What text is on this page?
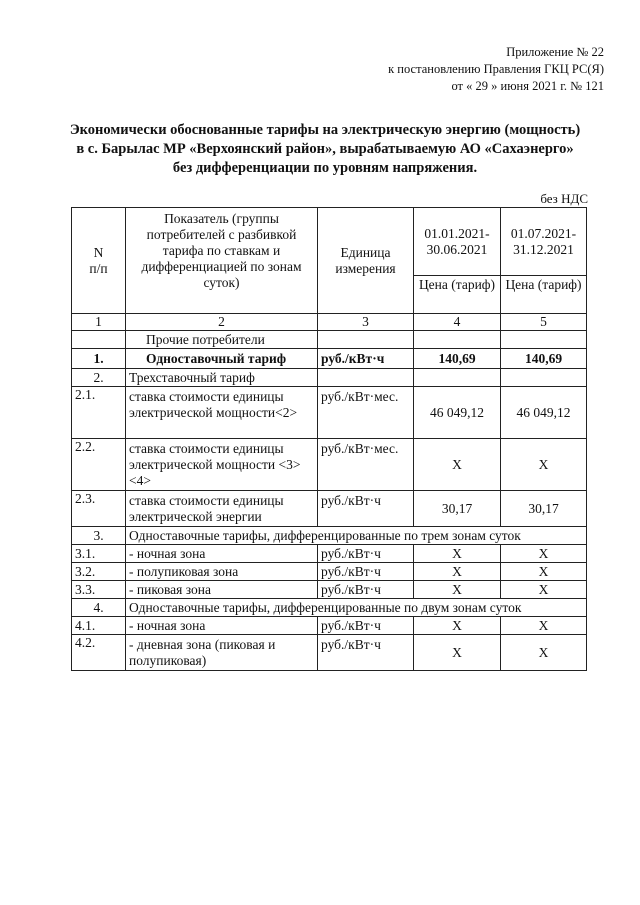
Приложение № 22
к постановлению Правления ГКЦ РС(Я)
от « 29 » июня 2021 г. № 121
Экономически обоснованные тарифы на электрическую энергию (мощность)
в с. Барылас МР «Верхоянский район», вырабатываемую АО «Сахаэнерго»
без дифференциации по уровням напряжения.
без НДС
N
п/п	Показатель (группы потребителей с разбивкой тарифа по ставкам и дифференциацией по зонам суток)	Единица измерения	01.01.2021-30.06.2021	01.07.2021-31.12.2021
			Цена (тариф)	Цена (тариф)
1	2	3	4	5
	Прочие потребители			
1.	Одноставочный тариф	руб./кВт·ч	140,69	140,69
2.	Трехставочный тариф			
2.1.	ставка стоимости единицы электрической мощности<2>	руб./кВт·мес.	46 049,12	46 049,12
2.2.	ставка стоимости единицы электрической мощности <3><4>	руб./кВт·мес.	X	X
2.3.	ставка стоимости единицы электрической энергии	руб./кВт·ч	30,17	30,17
3.	Одноставочные тарифы, дифференцированные по трем зонам суток			
3.1.	- ночная зона	руб./кВт·ч	X	X
3.2.	- полупиковая зона	руб./кВт·ч	X	X
3.3.	- пиковая зона	руб./кВт·ч	X	X
4.	Одноставочные тарифы, дифференцированные по двум зонам суток			
4.1.	- ночная зона	руб./кВт·ч	X	X
4.2.	- дневная зона (пиковая и полупиковая)	руб./кВт·ч	X	X
